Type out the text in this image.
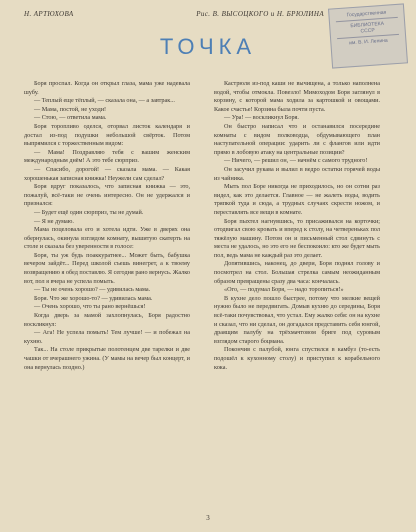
Н. АРТЮХОВА	Рис. В. ВЫСОЦКОГО и Н. БРЮЛИНА	Государственная
БИБЛИОТЕКА
СССР
им. В. И. Ленина
ТОЧКА

Боря проспал. Когда он открыл глаза, мама уже надевала шубу.

— Теплый еще тёплый, — сказала она, — а завтрак...

— Мама, постой, не уходи!

— Стою, — ответила мама.

Боря торопливо оделся, оторвал листок календаря и достал из-под подушки небольшой свёрток. Потом выпрямился с торжественным видом:

— Мама! Поздравляю тебя с вашим женским международным днём! А это тебе сюрприз.

— Спасибо, дорогой! — сказала мама. — Какая хорошенькая записная книжка! Неужели сам сделал?

Боря вдруг показалось, что записная книжка — это, пожалуй, всё-таки не очень интересно. Он не удержался и признался:

— Будет ещё один сюрприз, ты не думай.

— Я не думаю.

Мама поцеловала его и хотела идти. Уже в дверях она обернулась, окинула взглядом комнату, вышитую скатерть на столе и сказала без уверенности в голосе:

Боря, ты уж будь поаккуратнее... Может быть, бабушка вечером зайдёт... Перед школой съешь винегрет, а к твоему возвращению я обед поставлю. Я сегодня рано вернусь. Жалко вот, пол я вчера не успела помыть.

— Ты не очень хорошо? — удивилась мама.

Боря. Что же хорошо-то? — удивилась мама.

— Очень хорошо, что ты рано вернёшься!

Когда дверь за мамой захлопнулась, Боря радостно воскликнул:

— Ага! Не успела помыть! Тем лучше! — и побежал на кухню.

Так... На столе прикрытые полотенцем две тарелки и две чашки от вчерашнего ужина. (У мамы на вечер был концерт, и она вернулась поздно.)

Кастрюля из-под каши не вычищена, а только наполнена водой, чтобы отмокла. Повезло! Мимоходом Боря заглянул в корзину, с которой мама ходила за картошкой и овощами. Какое счастье! Корзина была почти пуста.

— Ура! — воскликнул Боря.

Он быстро написал что и останавился посередине комнаты с видом полководца, обдумывающего план наступательной операции: ударить ли с флангов или идти прямо в лобовую атаку на центральные позиции?

— Ничего, — решил он, — начнём с самого трудного!

Он засучил рукава и вылил в ведро остатки горячей воды из чайника.

Мыть пол Боре никогда не приходилось, но он сотни раз видел, как это делается. Главное — не жалеть воды, водить тряпкой туда и сюда, а трудных случаях скрести ножом, и переставлять все вещи в комнате.

Боря пыхтел нагнувшись, то присаживался на корточки; отодвигал свою кровать и вперед к столу, на четвереньках пол тяжёлую машину. Потом он и письменный стол сдвинуть с места не удалось, но это его не беспокоило: кто же будет мыть пол, ведь мама не каждый раз это делает.

Допятившись, наконец, до двери, Боря поднял голову и посмотрел на стол. Большая стрелка самым неожиданным образом превращены сразу два часа: кончалась.

«Ого, — подумал Боря, — надо торопиться!»

В кухне дело пошло быстрее, потому что мелкие вещей нужно было не передвигать. Домыв кухню до середины, Боря всё-таки почувствовал, что устал. Ему жалко себя: он на кухне и сказал, что ни сделал, он догадался представить себя юнгой, драящим палубу на трёхмачтовом бриге под суровым взглядом старого боцмана.

Покончив с палубой, юнга спустился в камбуз (то-есть подошёл к кухонному столу) и приступил к корабельного кока.

3
